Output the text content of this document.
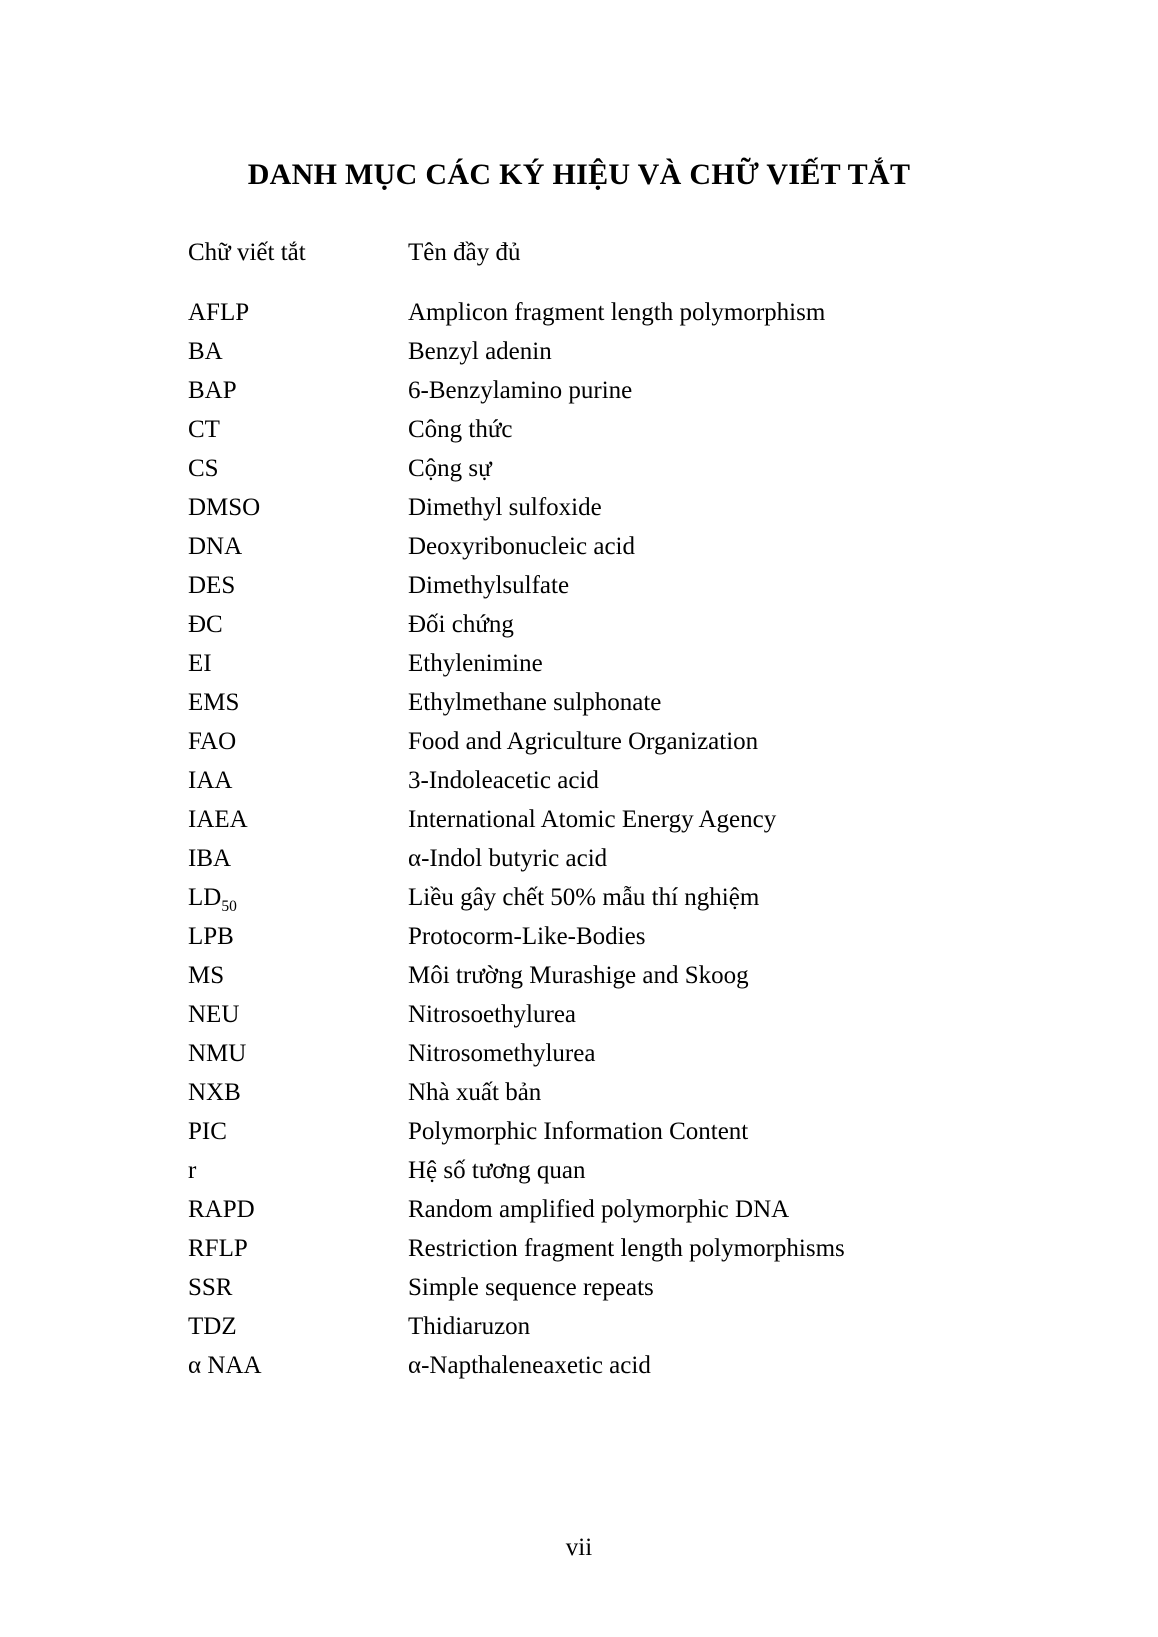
DANH MỤC CÁC KÝ HIỆU VÀ CHỮ VIẾT TẮT
Chữ viết tắt	Tên đầy đủ
AFLP	Amplicon fragment length polymorphism
BA	Benzyl adenin
BAP	6-Benzylamino purine
CT	Công thức
CS	Cộng sự
DMSO	Dimethyl sulfoxide
DNA	Deoxyribonucleic acid
DES	Dimethylsulfate
ĐC	Đối chứng
EI	Ethylenimine
EMS	Ethylmethane sulphonate
FAO	Food and Agriculture Organization
IAA	3-Indoleacetic acid
IAEA	International Atomic Energy Agency
IBA	α-Indol butyric acid
$LD_{50}$	Liều gây chết 50% mẫu thí nghiệm
LPB	Protocorm-Like-Bodies
MS	Môi trường Murashige and Skoog
NEU	Nitrosoethylurea
NMU	Nitrosomethylurea
NXB	Nhà xuất bản
PIC	Polymorphic Information Content
r	Hệ số tương quan
RAPD	Random amplified polymorphic DNA
RFLP	Restriction fragment length polymorphisms
SSR	Simple sequence repeats
TDZ	Thidiaruzon
α NAA	α-Napthaleneaxetic acid
vii
